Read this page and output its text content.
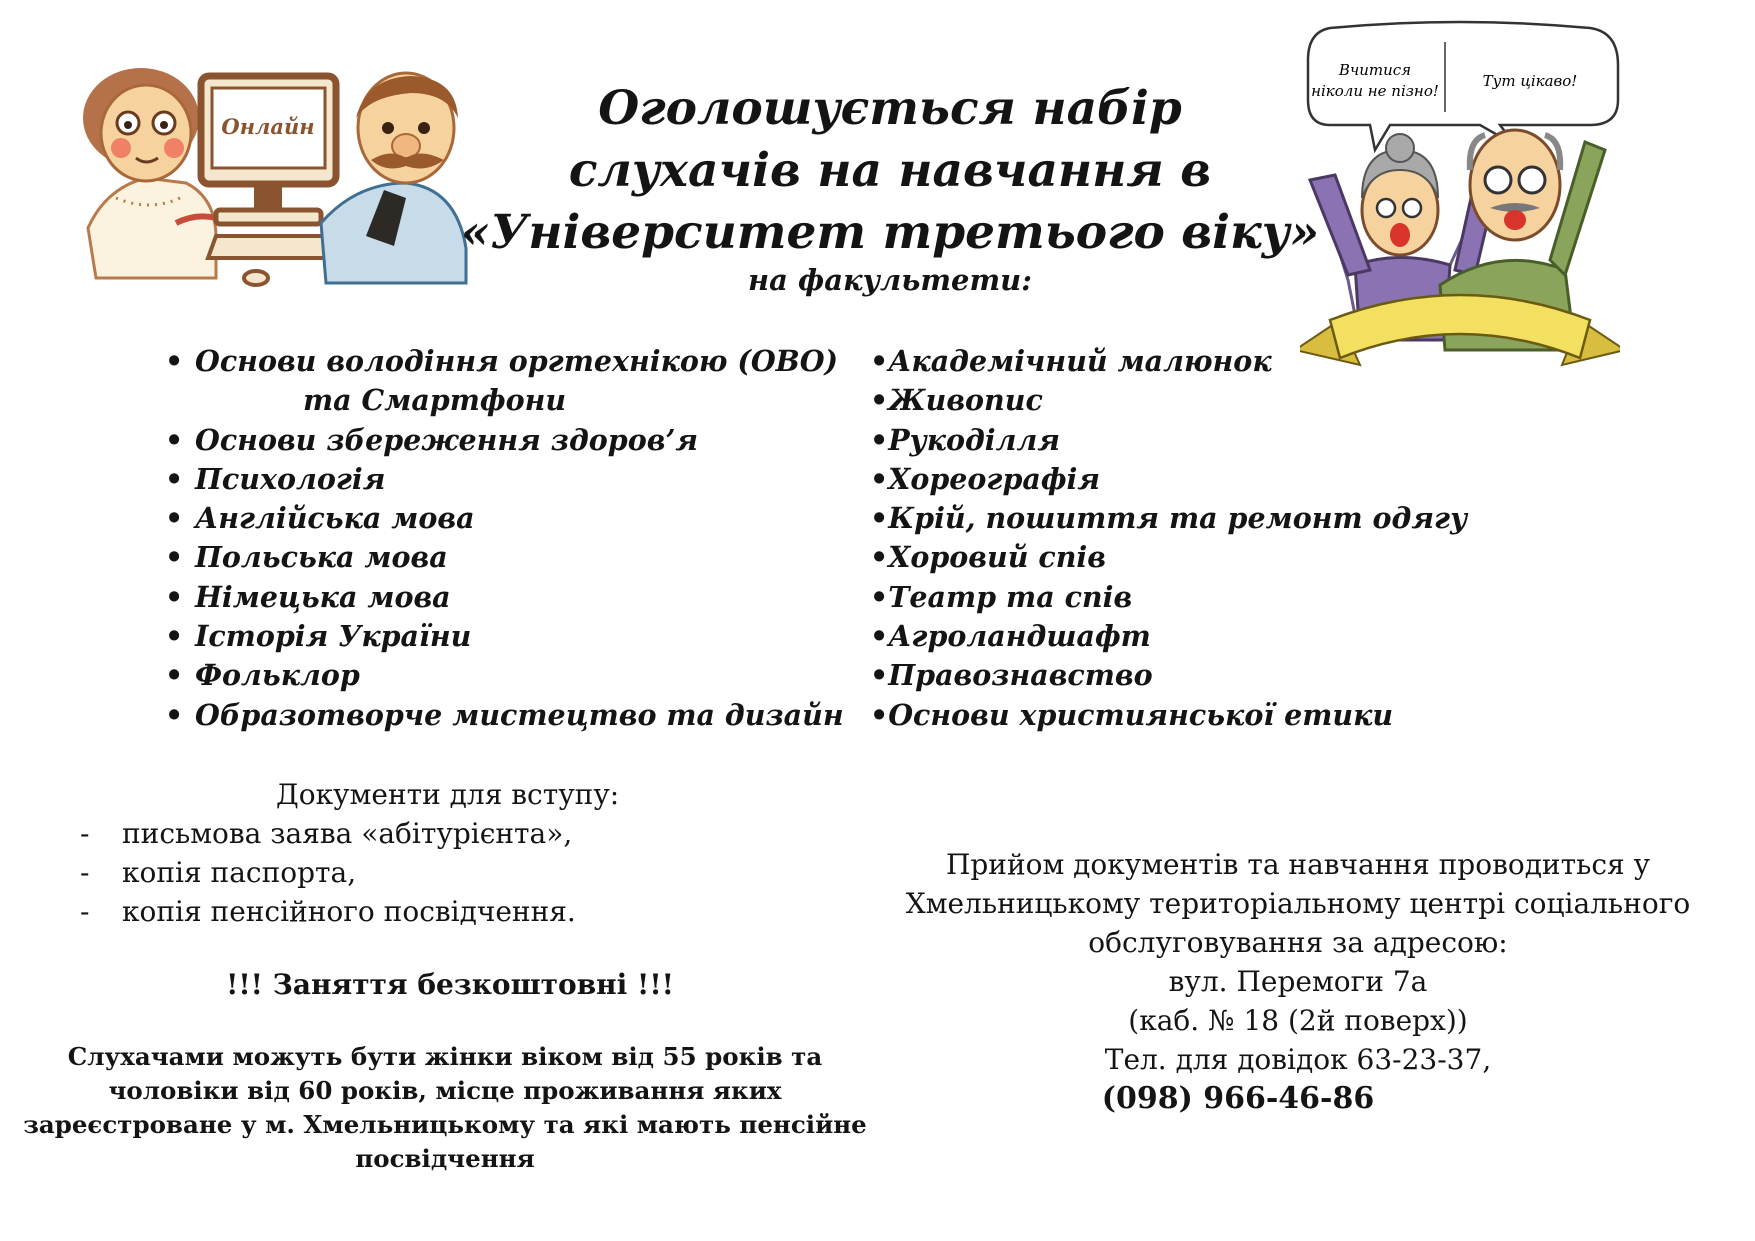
Онлайн	Оголошується набір
слухачів на навчання в
«Університет третього віку»
на факультети:
Вчитися
ніколи не пізно!
Тут цікаво!
• Основи володіння оргтехнікою (ОВО)
та Смартфони
• Основи збереження здоров’я
• Психологія
• Англійська мова
• Польська мова
• Німецька мова
• Історія України
• Фольклор
• Образотворче мистецтво та дизайн
•Академічний малюнок
•Живопис
•Рукоділля
•Хореографія
•Крій, пошиття та ремонт одягу
•Хоровий спів
•Театр та спів
•Агроландшафт
•Правознавство
•Основи християнської етики
Документи для вступу:
- письмова заява «абітурієнта»,
- копія паспорта,
- копія пенсійного посвідчення.
!!! Заняття безкоштовні !!!
Слухачами можуть бути жінки віком від 55 років та
чоловіки від 60 років, місце проживання яких
зареєстроване у м. Хмельницькому та які мають пенсійне
посвідчення
Прийом документів та навчання проводиться у
Хмельницькому територіальному центрі соціального
обслуговування за адресою:
вул. Перемоги 7а
(каб. № 18 (2й поверх))
Тел. для довідок 63-23-37,
(098) 966-46-86
